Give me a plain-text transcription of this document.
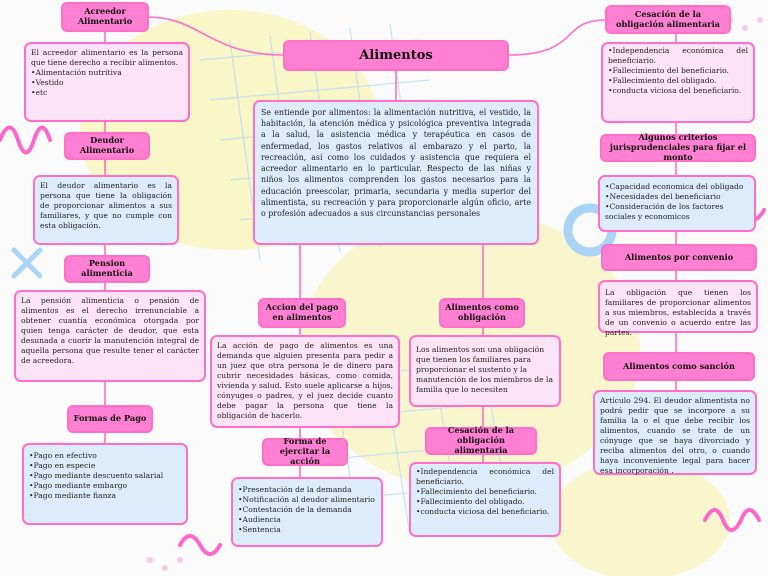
Alimentos
Se entiende por alimentos: la alimentación nutritiva, el vestido, la habitación, la atención médica y psicológica preventiva integrada a la salud, la asistencia médica y terapéutica en casos de enfermedad, los gastos relativos al embarazo y el parto, la recreación, así como los cuidados y asistencia que requiera el acreedor alimentario en lo particular. Respecto de las niñas y niños los alimentos comprenden los gastos necesarios para la educación preescolar, primaria, secundaria y media superior del alimentista, su recreación y para proporcionarle algún oficio, arte o profesión adecuados a sus circunstancias personales
Acreedor Alimentario
El acreedor alimentario es la persona que tiene derecho a recibir alimentos.
• Alimentación nutritiva
• Vestido
• etc
Deudor Alimentario
El deudor alimentario es la persona que tiene la obligación de proporcionar alimentos a sus familiares, y que no cumple con esta obligación.
Pension alimenticia
La pensión alimenticia o pensión de alimentos es el derecho irrenunciable a obtener cuantía económica otorgada por quien tenga carácter de deudor, que esta desunada a cuorir la manutención integral de aquella persona que resulte tener el carácter de acreedora.
Formas de Pago
• Pago en efectivo
• Pago en especie
• Pago mediante descuento salarial
• Pago mediante embargo
• Pago mediante fianza
Accion del pago en alimentos
La acción de pago de alimentos es una demanda que alguien presenta para pedir a un juez que otra persona le de dinero para cubrir necesidades básicas, como comida, vivienda y salud. Esto suele aplicarse a hijos, cónyuges o padres, y el juez decide cuanto debe pagar la persona que tiene la obligación de hacerlo.
Forma de ejercitar la acción
• Presentación de la demanda
• Notificación al deudor alimentario
• Contestación de la demanda
• Audiencia
• Sentencia
Alimentos como obligación
Los alimentos son una obligación que tienen los familiares para proporcionar el sustento y la manutención de los miembros de la familia que lo necesiten
Cesación de la obligación alimentaria
• Independencia económica del beneficiario.
• Fallecimiento del beneficiario.
• Fallecimiento del obligado.
• conducta viciosa del beneficiario.
Cesación de la obligación alimentaria
• Independencia económica del beneficiario.
• Fallecimiento del beneficiario.
• Fallecimiento del obligado.
• conducta viciosa del beneficiario.
Algunos criterios jurisprudenciales para fijar el monto
• Capacidad economica del obligado
• Necesidades del beneficiario
• Consideración de los factores sociales y economicos
Alimentos por convenio
La obligación que tienen los familiares de proporcionar alimentos a sus miembros, establecida a través de un convenio o acuerdo entre las partes.
Alimentos como sanción
Artículo 294. El deudor alimentista no podrá pedir que se incorpore a su familia la o el que debe recibir los alimentos, cuando se trate de un cónyuge que se haya divorciado y reciba alimentos del otro, o cuando haya inconveniente legal para hacer esa incorporación .
